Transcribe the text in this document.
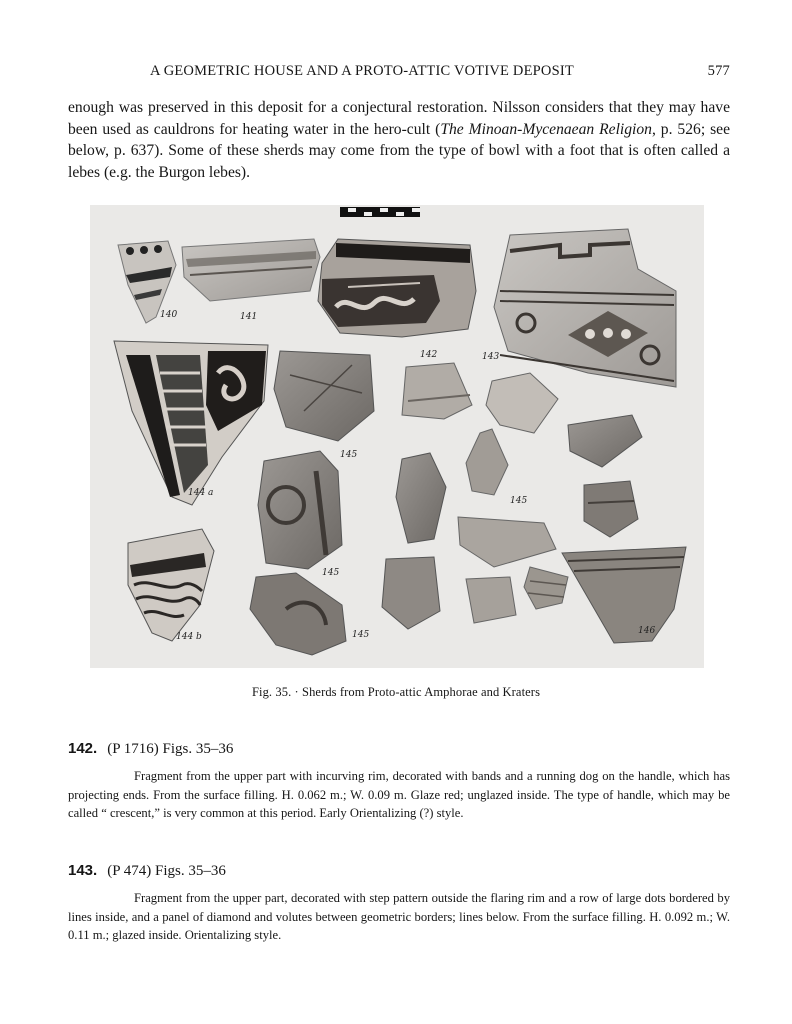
A GEOMETRIC HOUSE AND A PROTO-ATTIC VOTIVE DEPOSIT	577

enough was preserved in this deposit for a conjectural restoration. Nilsson considers that they may have been used as cauldrons for heating water in the hero-cult (The Minoan-Mycenaean Religion, p. 526; see below, p. 637). Some of these sherds may come from the type of bowl with a foot that is often called a lebes (e.g. the Burgon lebes).

140	141
142	143
144 a
145
145
145
144 b	145	146
Fig. 35. · Sherds from Proto-attic Amphorae and Kraters

142. (P 1716) Figs. 35–36

Fragment from the upper part with incurving rim, decorated with bands and a running dog on the handle, which has projecting ends. From the surface filling. H. 0.062 m.; W. 0.09 m. Glaze red; unglazed inside. The type of handle, which may be called “ crescent,” is very common at this period. Early Orientalizing (?) style.

143. (P 474) Figs. 35–36

Fragment from the upper part, decorated with step pattern outside the flaring rim and a row of large dots bordered by lines inside, and a panel of diamond and volutes between geometric borders; lines below. From the surface filling. H. 0.092 m.; W. 0.11 m.; glazed inside. Orientalizing style.
